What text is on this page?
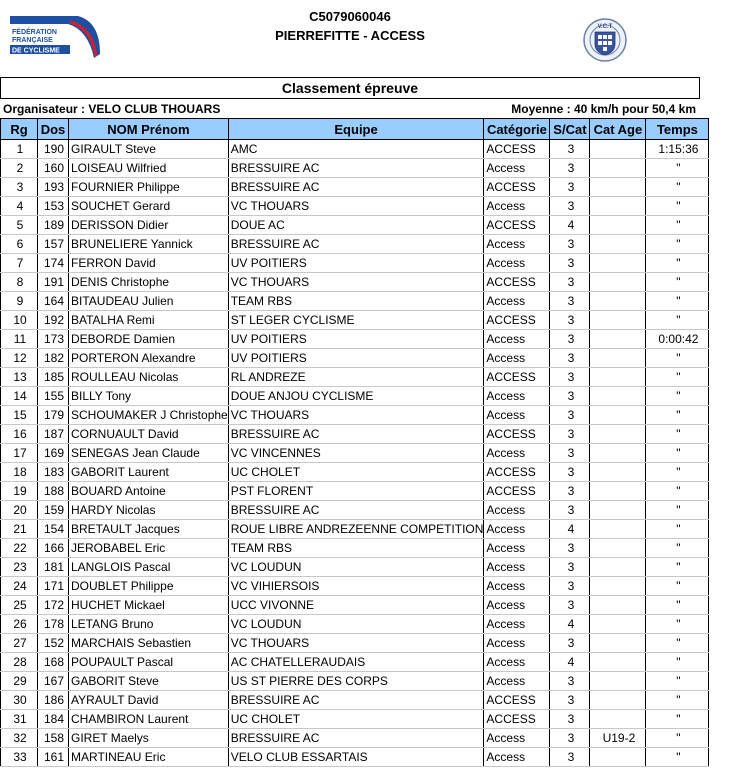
FÉDÉRATION
FRANÇAISE
DE CYCLISME
C5079060046
PIERREFITTE - ACCESS
V.C.T
Classement épreuve
Organisateur : VELO CLUB THOUARS	Moyenne : 40 km/h pour 50,4 km
Rg	Dos	NOM Prénom	Equipe	Catégorie	S/Cat	Cat Age	Temps
1	190	GIRAULT Steve	AMC	ACCESS	3		1:15:36
2	160	LOISEAU Wilfried	BRESSUIRE AC	Access	3		"
3	193	FOURNIER Philippe	BRESSUIRE AC	ACCESS	3		"
4	153	SOUCHET Gerard	VC THOUARS	Access	3		"
5	189	DERISSON Didier	DOUE AC	ACCESS	4		"
6	157	BRUNELIERE Yannick	BRESSUIRE AC	Access	3		"
7	174	FERRON David	UV POITIERS	Access	3		"
8	191	DENIS Christophe	VC THOUARS	ACCESS	3		"
9	164	BITAUDEAU Julien	TEAM RBS	Access	3		"
10	192	BATALHA Remi	ST LEGER CYCLISME	ACCESS	3		"
11	173	DEBORDE Damien	UV POITIERS	Access	3		0:00:42
12	182	PORTERON Alexandre	UV POITIERS	Access	3		"
13	185	ROULLEAU Nicolas	RL ANDREZE	ACCESS	3		"
14	155	BILLY Tony	DOUE ANJOU CYCLISME	Access	3		"
15	179	SCHOUMAKER J Christophe	VC THOUARS	Access	3		"
16	187	CORNUAULT David	BRESSUIRE AC	ACCESS	3		"
17	169	SENEGAS Jean Claude	VC VINCENNES	Access	3		"
18	183	GABORIT Laurent	UC CHOLET	ACCESS	3		"
19	188	BOUARD Antoine	PST FLORENT	ACCESS	3		"
20	159	HARDY Nicolas	BRESSUIRE AC	Access	3		"
21	154	BRETAULT Jacques	ROUE LIBRE ANDREZEENNE COMPETITION	Access	4		"
22	166	JEROBABEL Eric	TEAM RBS	Access	3		"
23	181	LANGLOIS Pascal	VC LOUDUN	Access	3		"
24	171	DOUBLET Philippe	VC VIHIERSOIS	Access	3		"
25	172	HUCHET Mickael	UCC VIVONNE	Access	3		"
26	178	LETANG Bruno	VC LOUDUN	Access	4		"
27	152	MARCHAIS Sebastien	VC THOUARS	Access	3		"
28	168	POUPAULT Pascal	AC CHATELLERAUDAIS	Access	4		"
29	167	GABORIT Steve	US ST PIERRE DES CORPS	Access	3		"
30	186	AYRAULT David	BRESSUIRE AC	ACCESS	3		"
31	184	CHAMBIRON Laurent	UC CHOLET	ACCESS	3		"
32	158	GIRET Maelys	BRESSUIRE AC	Access	3	U19-2	"
33	161	MARTINEAU Eric	VELO CLUB ESSARTAIS	Access	3		"
